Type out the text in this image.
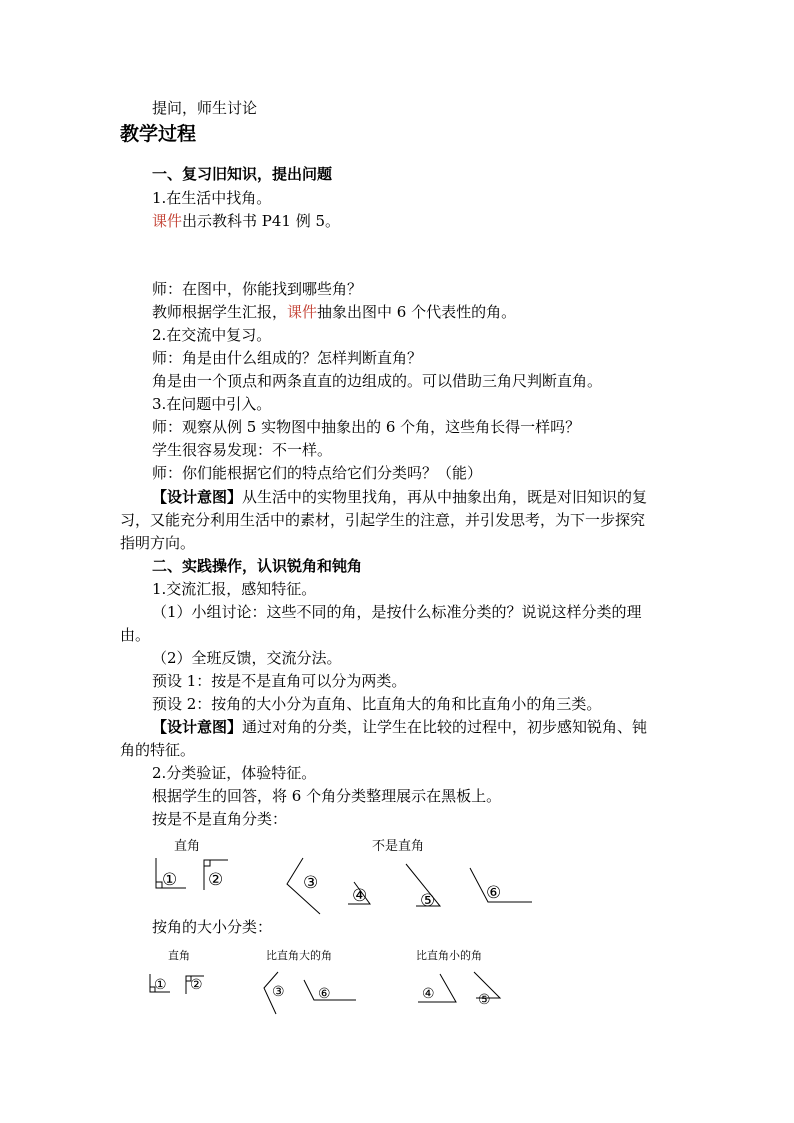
提问，师生讨论
教学过程
一、复习旧知识，提出问题
1.在生活中找角。
课件出示教科书 P41 例 5。
师：在图中，你能找到哪些角？
教师根据学生汇报，课件抽象出图中 6 个代表性的角。
2.在交流中复习。
师：角是由什么组成的？怎样判断直角？
角是由一个顶点和两条直直的边组成的。可以借助三角尺判断直角。
3.在问题中引入。
师：观察从例 5 实物图中抽象出的 6 个角，这些角长得一样吗？
学生很容易发现：不一样。
师：你们能根据它们的特点给它们分类吗？（能）
【设计意图】从生活中的实物里找角，再从中抽象出角，既是对旧知识的复
习，又能充分利用生活中的素材，引起学生的注意，并引发思考，为下一步探究
指明方向。
二、实践操作，认识锐角和钝角
1.交流汇报，感知特征。
（1）小组讨论：这些不同的角，是按什么标准分类的？说说这样分类的理
由。
（2）全班反馈，交流分法。
预设 1：按是不是直角可以分为两类。
预设 2：按角的大小分为直角、比直角大的角和比直角小的角三类。
【设计意图】通过对角的分类，让学生在比较的过程中，初步感知锐角、钝
角的特征。
2.分类验证，体验特征。
根据学生的回答，将 6 个角分类整理展示在黑板上。
按是不是直角分类：
直角	不是直角
① ②	③
④	⑤	⑥
按角的大小分类：
直角	比直角大的角	比直角小的角
① ②	③ ⑥	④	⑤
